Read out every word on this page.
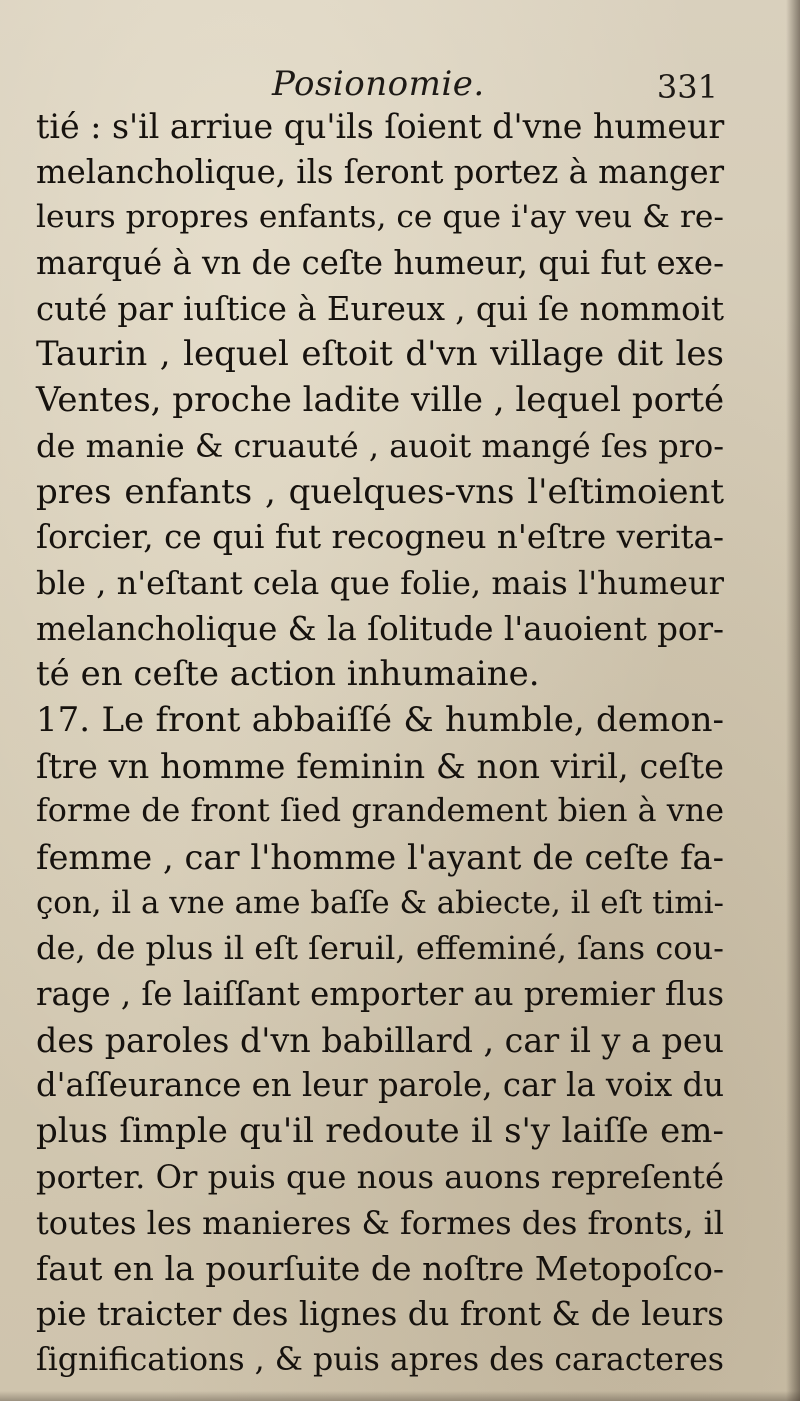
Posionomie.	331
tié : s'il arriue qu'ils ſoient d'vne humeur
melancholique, ils ſeront portez à manger
leurs propres enfants, ce que i'ay veu & re-
marqué à vn de ceſte humeur, qui fut exe-
cuté par iuſtice à Eureux , qui ſe nommoit
Taurin , lequel eſtoit d'vn village dit les
Ventes, proche ladite ville , lequel porté
de manie & cruauté , auoit mangé ſes pro-
pres enfants , quelques-vns l'eſtimoient
ſorcier, ce qui fut recogneu n'eſtre verita-
ble , n'eſtant cela que folie, mais l'humeur
melancholique & la ſolitude l'auoient por-
té en ceſte action inhumaine.
17. Le front abbaiſſé & humble, demon-
ſtre vn homme feminin & non viril, ceſte
forme de front ſied grandement bien à vne
femme , car l'homme l'ayant de ceſte fa-
çon, il a vne ame baſſe & abiecte, il eſt timi-
de, de plus il eſt ſeruil, effeminé, ſans cou-
rage , ſe laiſſant emporter au premier flus
des paroles d'vn babillard , car il y a peu
d'aſſeurance en leur parole, car la voix du
plus ſimple qu'il redoute il s'y laiſſe em-
porter. Or puis que nous auons repreſenté
toutes les manieres & formes des fronts, il
faut en la pourſuite de noſtre Metopoſco-
pie traicter des lignes du front & de leurs
ſignifications , & puis apres des caracteres
